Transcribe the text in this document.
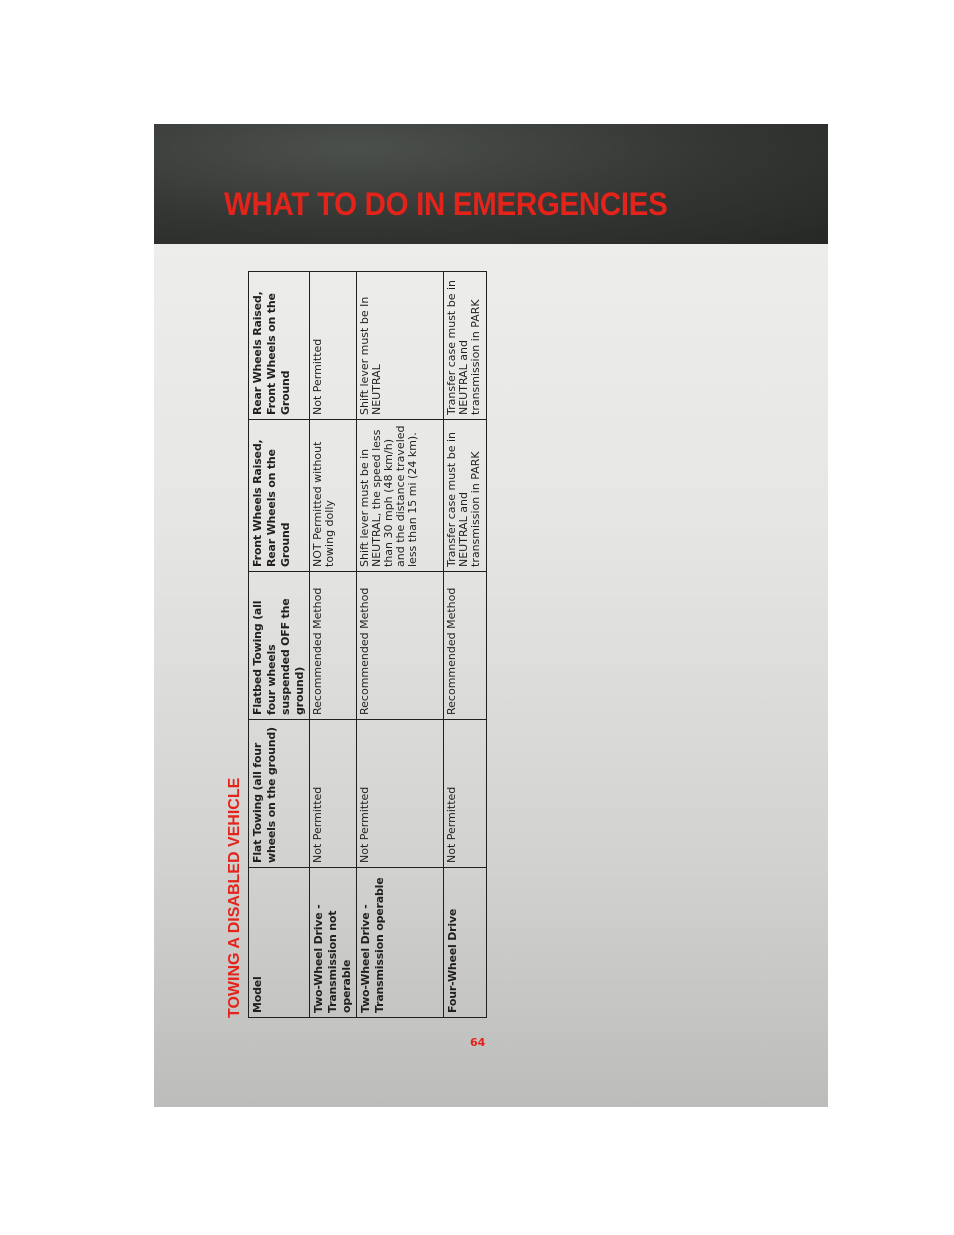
WHAT TO DO IN EMERGENCIES
64
TOWING A DISABLED VEHICLE Model	Flat Towing (all four wheels on the ground)	Flatbed Towing (all four wheels suspended OFF the ground)	Front Wheels Raised, Rear Wheels on the Ground	Rear Wheels Raised, Front Wheels on the Ground
Two-Wheel Drive - Transmission not operable	Not Permitted	Recommended Method	NOT Permitted without towing dolly	Not Permitted
Two-Wheel Drive - Transmission operable	Not Permitted	Recommended Method	Shift lever must be in NEUTRAL, the speed less than 30 mph (48 km/h) and the distance traveled less than 15 mi (24 km).	Shift lever must be In NEUTRAL
Four-Wheel Drive	Not Permitted	Recommended Method	Transfer case must be in NEUTRAL and transmission in PARK	Transfer case must be in NEUTRAL and transmission in PARK
